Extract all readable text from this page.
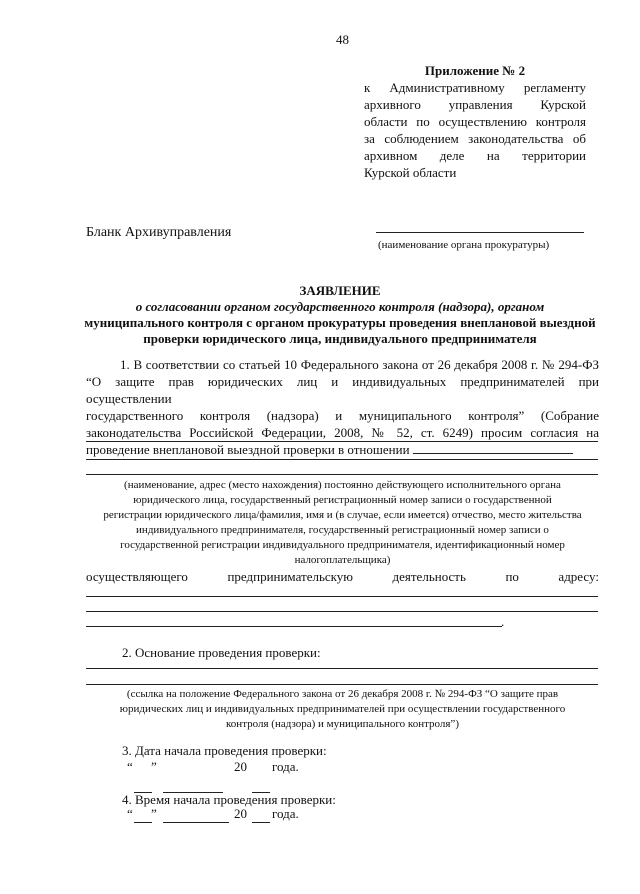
48
Приложение № 2
к Административному регламенту
архивного управления Курской
области по осуществлению контроля
за соблюдением законодательства об
архивном деле на территории
Курской области
Бланк Архивуправления
(наименование органа прокуратуры)
ЗАЯВЛЕНИЕ
о согласовании органом государственного контроля (надзора), органом
муниципального контроля с органом прокуратуры проведения внеплановой выездной
проверки юридического лица, индивидуального предпринимателя
1. В соответствии со статьей 10 Федерального закона от 26 декабря 2008 г. № 294-ФЗ
“О защите прав юридических лиц и индивидуальных предпринимателей при осуществлении
государственного контроля (надзора) и муниципального контроля” (Собрание
законодательства Российской Федерации, 2008, № 52, ст. 6249) просим согласия на
проведение внеплановой выездной проверки в отношении
(наименование, адрес (место нахождения) постоянно действующего исполнительного органа
юридического лица, государственный регистрационный номер записи о государственной
регистрации юридического лица/фамилия, имя и (в случае, если имеется) отчество, место жительства
индивидуального предпринимателя, государственный регистрационный номер записи о
государственной регистрации индивидуального предпринимателя, идентификационный номер
налогоплательщика)
осуществляющего	предпринимательскую	деятельность	по	адресу:
.
2. Основание проведения проверки:
(ссылка на положение Федерального закона от 26 декабря 2008 г. № 294-ФЗ “О защите прав
юридических лиц и индивидуальных предпринимателей при осуществлении государственного
контроля (надзора) и муниципального контроля”)
3. Дата начала проведения проверки:
“ ”	20 года.
4. Время начала проведения проверки:
“ ”	20 года.
